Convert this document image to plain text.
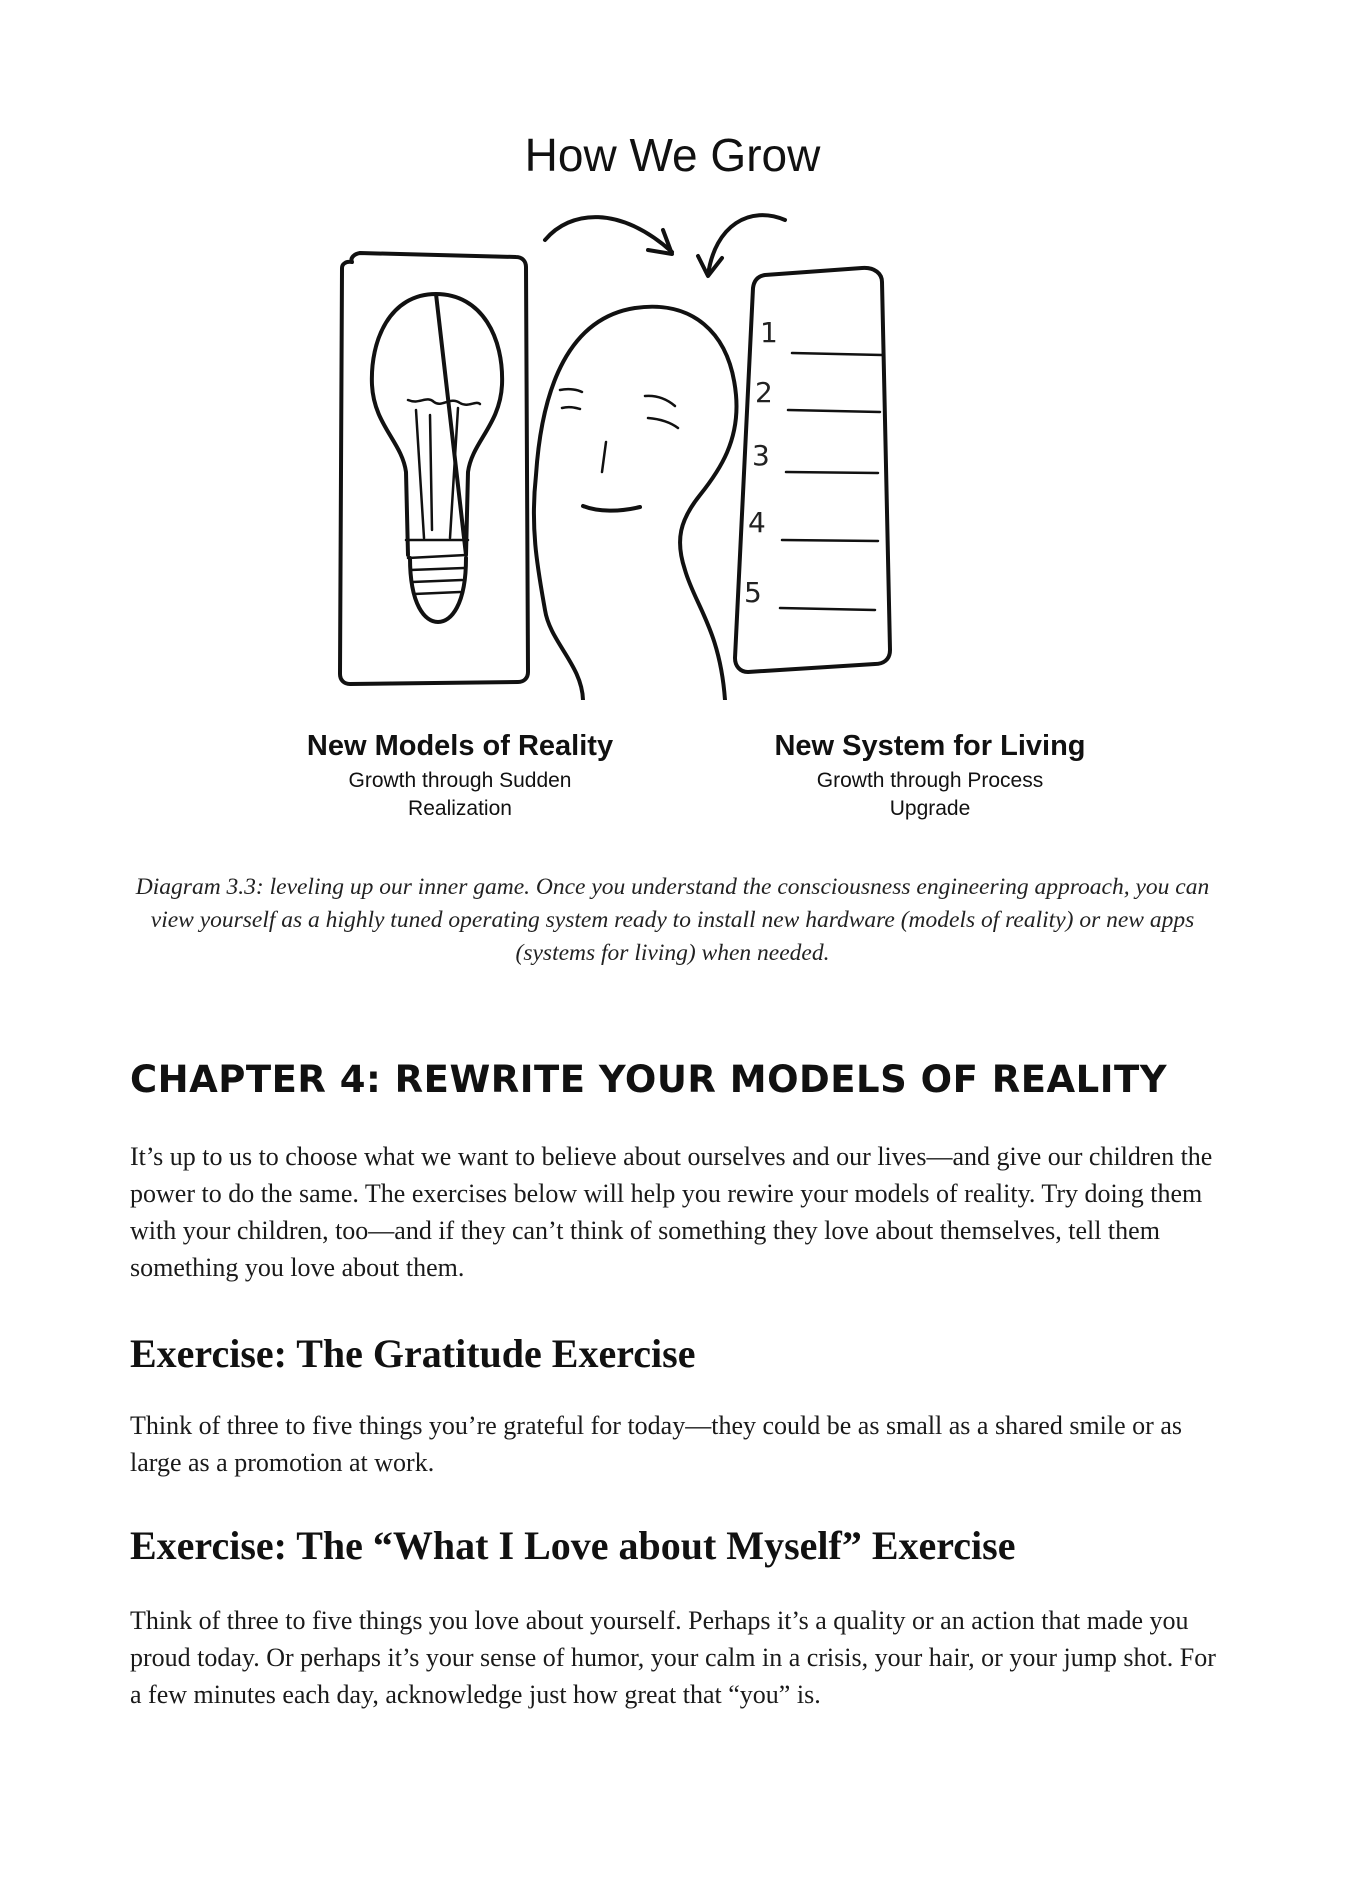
How We Grow
1
2
3
4
5
New Models of Reality
Growth through Sudden Realization
New System for Living
Growth through Process Upgrade

Diagram 3.3: leveling up our inner game. Once you understand the consciousness engineering approach, you can view yourself as a highly tuned operating system ready to install new hardware (models of reality) or new apps (systems for living) when needed.

CHAPTER 4: REWRITE YOUR MODELS OF REALITY

It’s up to us to choose what we want to believe about ourselves and our lives—and give our children the power to do the same. The exercises below will help you rewire your models of reality. Try doing them with your children, too—and if they can’t think of something they love about themselves, tell them something you love about them.

Exercise: The Gratitude Exercise

Think of three to five things you’re grateful for today—they could be as small as a shared smile or as large as a promotion at work.

Exercise: The “What I Love about Myself” Exercise

Think of three to five things you love about yourself. Perhaps it’s a quality or an action that made you proud today. Or perhaps it’s your sense of humor, your calm in a crisis, your hair, or your jump shot. For a few minutes each day, acknowledge just how great that “you” is.
